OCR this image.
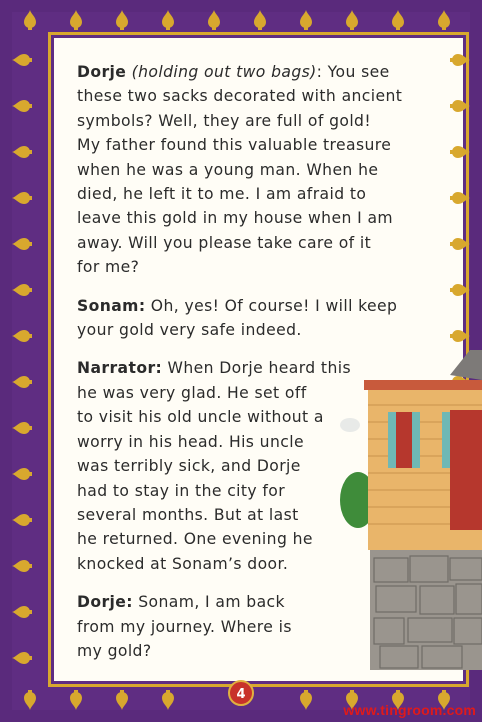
Dorje (holding out two bags): You see
these two sacks decorated with ancient
symbols? Well, they are full of gold!
My father found this valuable treasure
when he was a young man. When he
died, he left it to me. I am afraid to
leave this gold in my house when I am
away. Will you please take care of it
for me?

Sonam: Oh, yes! Of course! I will keep
your gold very safe indeed.

Narrator: When Dorje heard this
he was very glad. He set off
to visit his old uncle without a
worry in his head. His uncle
was terribly sick, and Dorje
had to stay in the city for
several months. But at last
he returned. One evening he
knocked at Sonam’s door.

Dorje: Sonam, I am back
from my journey. Where is
my gold?

4
www.tingroom.com
